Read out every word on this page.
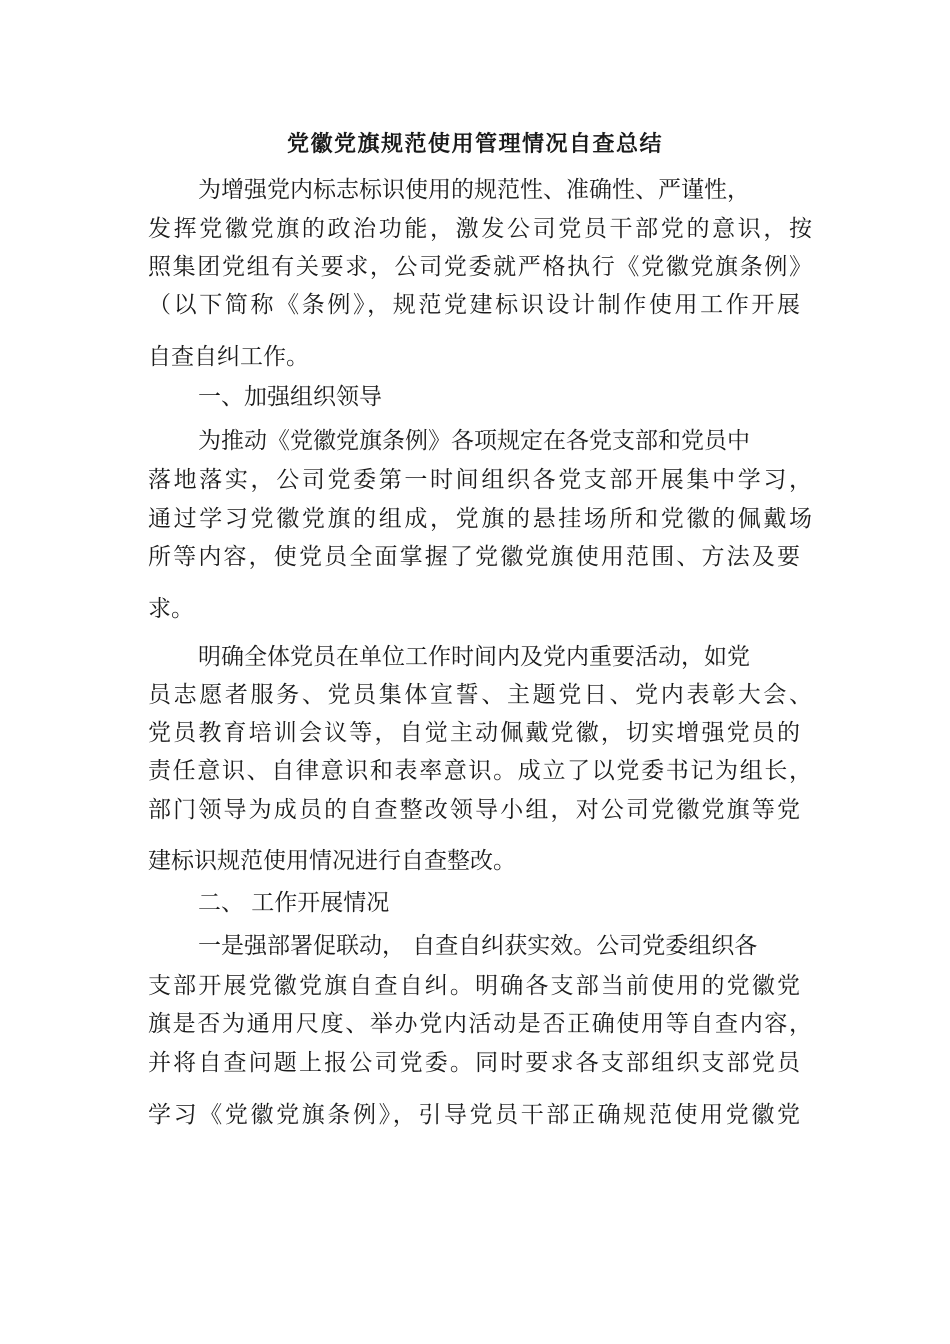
党徽党旗规范使用管理情况自查总结
为增强党内标志标识使用的规范性、准确性、严谨性，
发挥党徽党旗的政治功能，激发公司党员干部党的意识，按
照集团党组有关要求，公司党委就严格执行《党徽党旗条例》
（以下简称《条例》，规范党建标识设计制作使用工作开展
自查自纠工作。
一、加强组织领导
为推动《党徽党旗条例》各项规定在各党支部和党员中
落地落实，公司党委第一时间组织各党支部开展集中学习，
通过学习党徽党旗的组成，党旗的悬挂场所和党徽的佩戴场
所等内容，使党员全面掌握了党徽党旗使用范围、方法及要
求。
明确全体党员在单位工作时间内及党内重要活动，如党
员志愿者服务、党员集体宣誓、主题党日、党内表彰大会、
党员教育培训会议等，自觉主动佩戴党徽，切实增强党员的
责任意识、自律意识和表率意识。成立了以党委书记为组长，
部门领导为成员的自查整改领导小组，对公司党徽党旗等党
建标识规范使用情况进行自查整改。
二、 工作开展情况
一是强部署促联动， 自查自纠获实效。公司党委组织各
支部开展党徽党旗自查自纠。明确各支部当前使用的党徽党
旗是否为通用尺度、举办党内活动是否正确使用等自查内容，
并将自查问题上报公司党委。同时要求各支部组织支部党员
学习《党徽党旗条例》，引导党员干部正确规范使用党徽党
